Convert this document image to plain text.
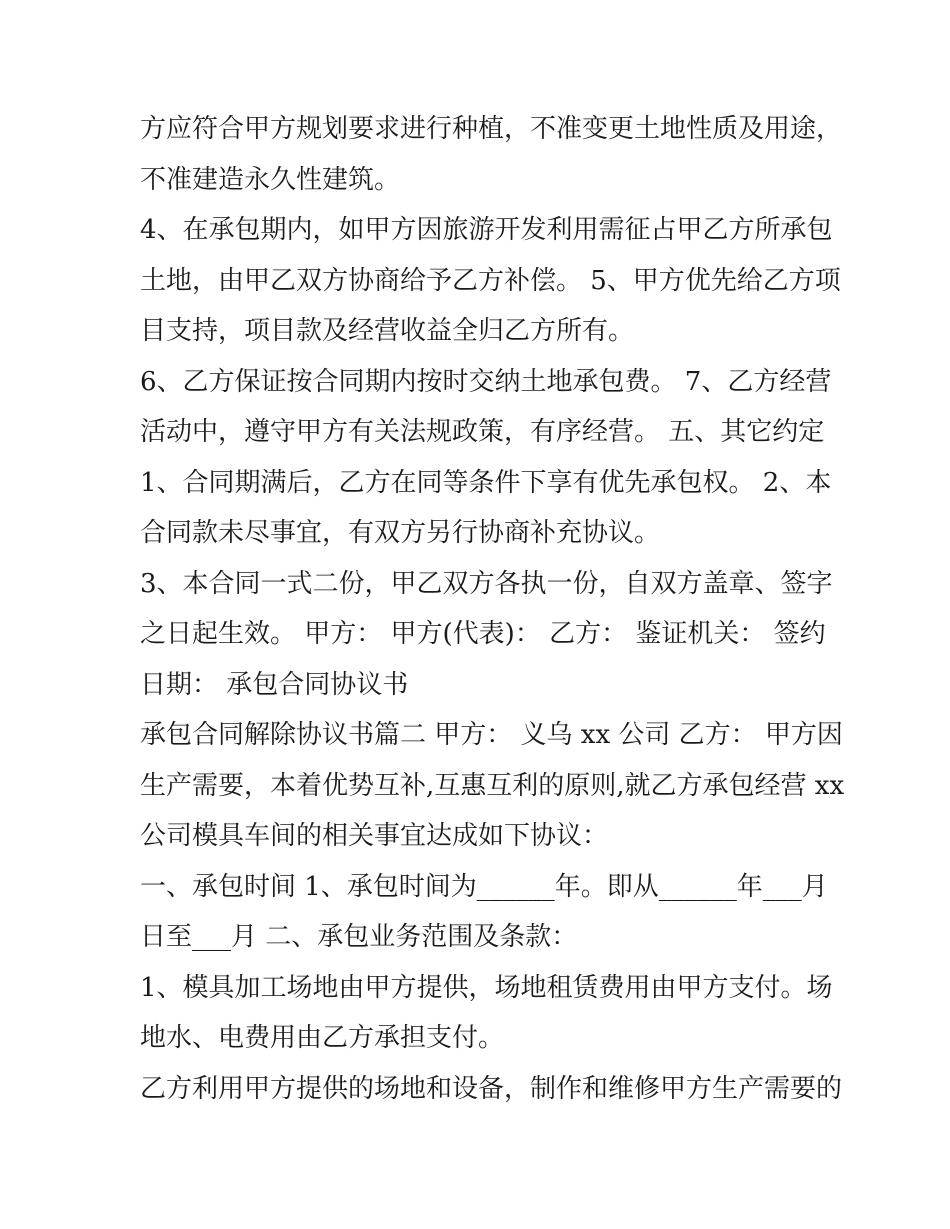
方应符合甲方规划要求进行种植，不准变更土地性质及用途，

不准建造永久性建筑。

4、在承包期内，如甲方因旅游开发利用需征占甲乙方所承包

土地，由甲乙双方协商给予乙方补偿。 5、甲方优先给乙方项

目支持，项目款及经营收益全归乙方所有。

6、乙方保证按合同期内按时交纳土地承包费。 7、乙方经营

活动中，遵守甲方有关法规政策，有序经营。 五、其它约定

1、合同期满后，乙方在同等条件下享有优先承包权。 2、本

合同款未尽事宜，有双方另行协商补充协议。

3、本合同一式二份，甲乙双方各执一份，自双方盖章、签字

之日起生效。 甲方： 甲方(代表)： 乙方： 鉴证机关： 签约

日期： 承包合同协议书

承包合同解除协议书篇二 甲方： 义乌 xx 公司 乙方： 甲方因

生产需要，本着优势互补,互惠互利的原则,就乙方承包经营 xx

公司模具车间的相关事宜达成如下协议：

一、承包时间 1、承包时间为______年。即从______年___月

日至___月 二、承包业务范围及条款：

1、模具加工场地由甲方提供，场地租赁费用由甲方支付。场

地水、电费用由乙方承担支付。

乙方利用甲方提供的场地和设备，制作和维修甲方生产需要的
